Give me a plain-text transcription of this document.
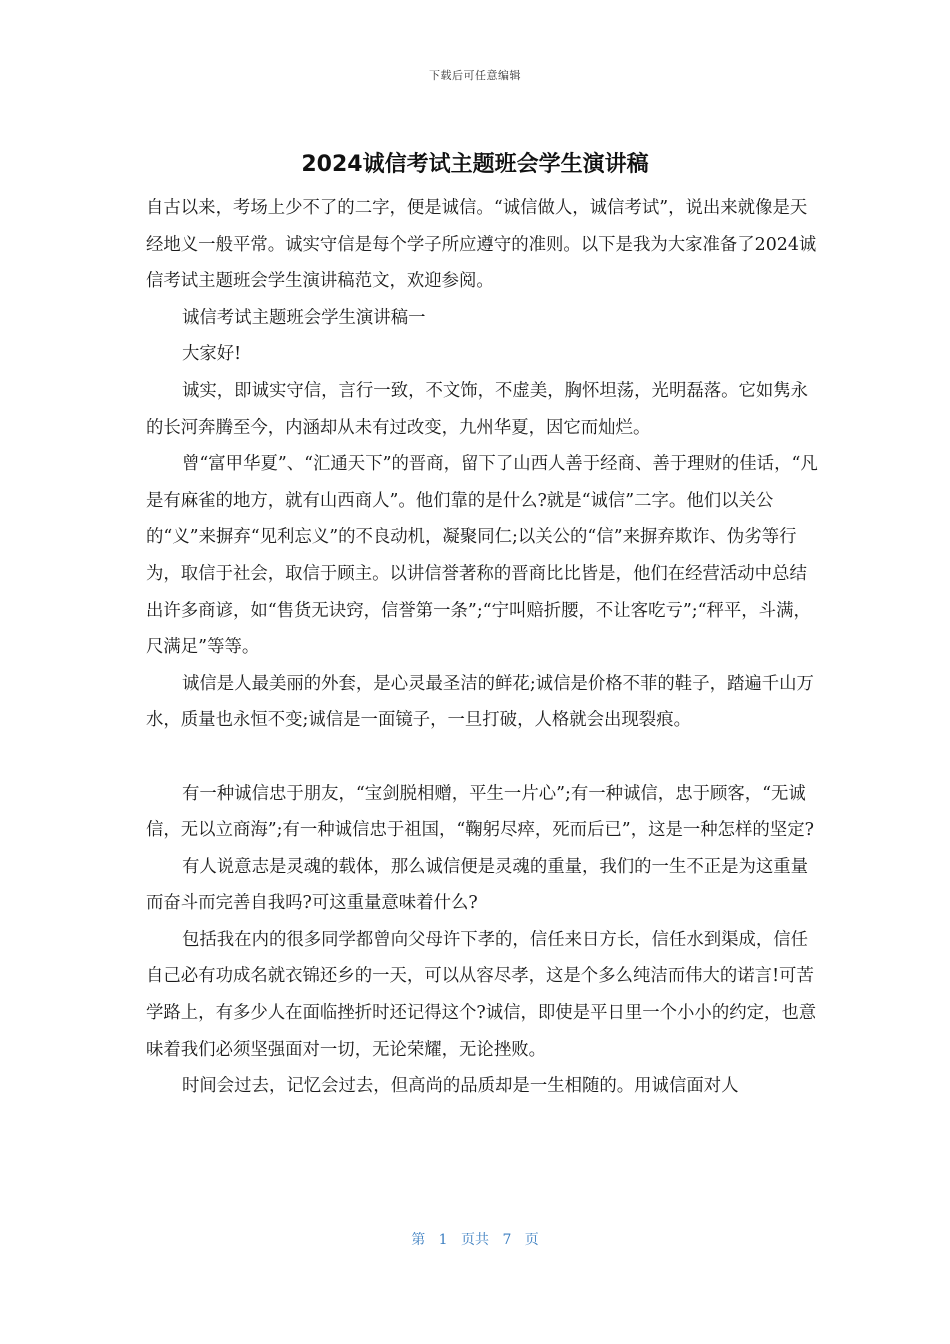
下载后可任意编辑
2024诚信考试主题班会学生演讲稿

自古以来，考场上少不了的二字，便是诚信。“诚信做人，诚信考试”，说出来就像是天经地义一般平常。诚实守信是每个学子所应遵守的准则。以下是我为大家准备了2024诚信考试主题班会学生演讲稿范文，欢迎参阅。

诚信考试主题班会学生演讲稿一

大家好!

诚实，即诚实守信，言行一致，不文饰，不虚美，胸怀坦荡，光明磊落。它如隽永的长河奔腾至今，内涵却从未有过改变，九州华夏，因它而灿烂。

曾“富甲华夏”、“汇通天下”的晋商，留下了山西人善于经商、善于理财的佳话，“凡是有麻雀的地方，就有山西商人”。他们靠的是什么?就是“诚信”二字。他们以关公的“义”来摒弃“见利忘义”的不良动机，凝聚同仁;以关公的“信”来摒弃欺诈、伪劣等行为，取信于社会，取信于顾主。以讲信誉著称的晋商比比皆是，他们在经营活动中总结出许多商谚，如“售货无诀窍，信誉第一条”;“宁叫赔折腰，不让客吃亏”;“秤平，斗满，尺满足”等等。

诚信是人最美丽的外套，是心灵最圣洁的鲜花;诚信是价格不菲的鞋子，踏遍千山万水，质量也永恒不变;诚信是一面镜子，一旦打破，人格就会出现裂痕。

有一种诚信忠于朋友，“宝剑脱相赠，平生一片心”;有一种诚信，忠于顾客，“无诚信，无以立商海”;有一种诚信忠于祖国，“鞠躬尽瘁，死而后已”，这是一种怎样的坚定?

有人说意志是灵魂的载体，那么诚信便是灵魂的重量，我们的一生不正是为这重量而奋斗而完善自我吗?可这重量意味着什么?

包括我在内的很多同学都曾向父母许下孝的，信任来日方长，信任水到渠成，信任自己必有功成名就衣锦还乡的一天，可以从容尽孝，这是个多么纯洁而伟大的诺言!可苦学路上，有多少人在面临挫折时还记得这个?诚信，即使是平日里一个小小的约定，也意味着我们必须坚强面对一切，无论荣耀，无论挫败。

时间会过去，记忆会过去，但高尚的品质却是一生相随的。用诚信面对人

第 1 页共 7 页
